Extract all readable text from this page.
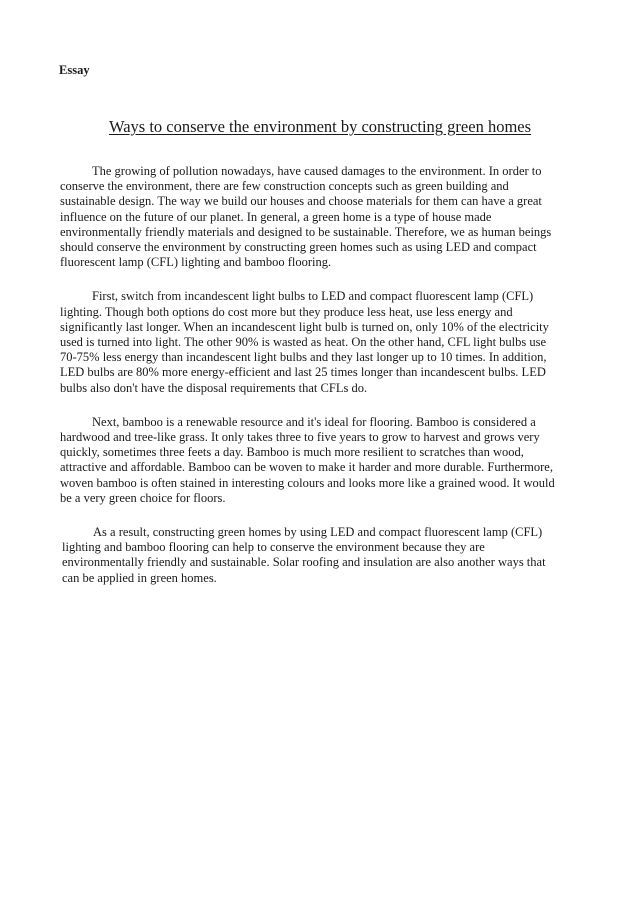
Essay
Ways to conserve the environment by constructing green homes

The growing of pollution nowadays, have caused damages to the environment. In order to
conserve the environment, there are few construction concepts such as green building and
sustainable design. The way we build our houses and choose materials for them can have a great
influence on the future of our planet. In general, a green home is a type of house made
environmentally friendly materials and designed to be sustainable. Therefore, we as human beings
should conserve the environment by constructing green homes such as using LED and compact
fluorescent lamp (CFL) lighting and bamboo flooring.

First, switch from incandescent light bulbs to LED and compact fluorescent lamp (CFL)
lighting. Though both options do cost more but they produce less heat, use less energy and
significantly last longer. When an incandescent light bulb is turned on, only 10% of the electricity
used is turned into light. The other 90% is wasted as heat. On the other hand, CFL light bulbs use
70-75% less energy than incandescent light bulbs and they last longer up to 10 times. In addition,
LED bulbs are 80% more energy-efficient and last 25 times longer than incandescent bulbs. LED
bulbs also don't have the disposal requirements that CFLs do.

Next, bamboo is a renewable resource and it's ideal for flooring. Bamboo is considered a
hardwood and tree-like grass. It only takes three to five years to grow to harvest and grows very
quickly, sometimes three feets a day. Bamboo is much more resilient to scratches than wood,
attractive and affordable. Bamboo can be woven to make it harder and more durable. Furthermore,
woven bamboo is often stained in interesting colours and looks more like a grained wood. It would
be a very green choice for floors.

As a result, constructing green homes by using LED and compact fluorescent lamp (CFL)
lighting and bamboo flooring can help to conserve the environment because they are
environmentally friendly and sustainable. Solar roofing and insulation are also another ways that
can be applied in green homes.
